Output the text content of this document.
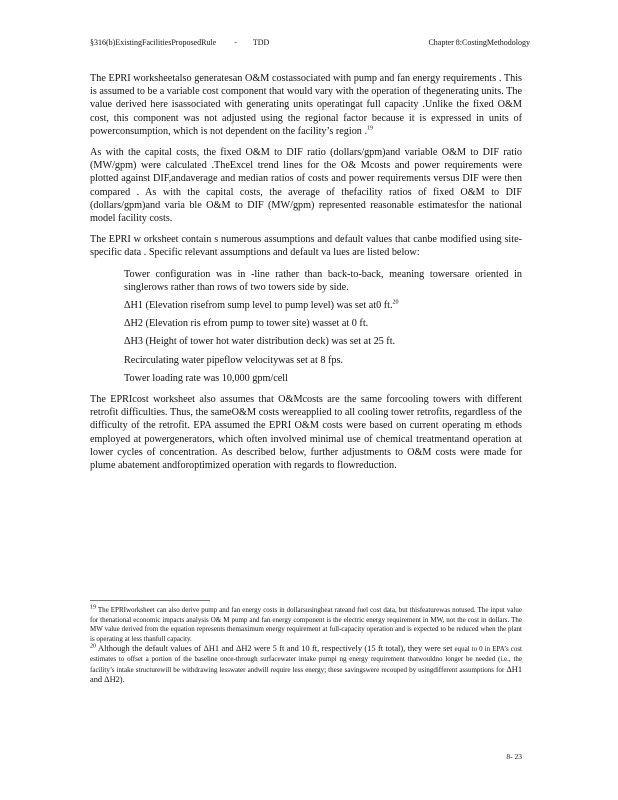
§316(b)ExistingFacilitiesProposedRule - TDD	Chapter 8:CostingMethodology

The EPRI worksheetalso generatesan O&M costassociated with pump and fan energy requirements . This is assumed to be a variable cost component that would vary with the operation of thegenerating units. The value derived here isassociated with generating units operatingat full capacity .Unlike the fixed O&M cost, this component was not adjusted using the regional factor because it is expressed in units of powerconsumption, which is not dependent on the facility’s region .$^{19}$

As with the capital costs, the fixed O&M to DIF ratio (dollars/gpm)and variable O&M to DIF ratio (MW/gpm) were calculated .TheExcel trend lines for the O& Mcosts and power requirements were plotted against DIF,andaverage and median ratios of costs and power requirements versus DIF were then compared . As with the capital costs, the average of thefacility ratios of fixed O&M to DIF (dollars/gpm)and varia ble O&M to DIF (MW/gpm) represented reasonable estimatesfor the national model facility costs.

The EPRI w orksheet contain s numerous assumptions and default values that canbe modified using site-specific data . Specific relevant assumptions and default va lues are listed below:

Tower configuration was in -line rather than back-to-back, meaning towersare oriented in singlerows rather than rows of two towers side by side.
ΔH1 (Elevation risefrom sump level to pump level) was set at0 ft.$^{20}$
ΔH2 (Elevation ris efrom pump to tower site) wasset at 0 ft.
ΔH3 (Height of tower hot water distribution deck) was set at 25 ft.
Recirculating water pipeflow velocitywas set at 8 fps.
Tower loading rate was 10,000 gpm/cell

The EPRIcost worksheet also assumes that O&Mcosts are the same forcooling towers with different retrofit difficulties. Thus, the sameO&M costs wereapplied to all cooling tower retrofits, regardless of the difficulty of the retrofit. EPA assumed the EPRI O&M costs were based on current operating m ethods employed at powergenerators, which often involved minimal use of chemical treatmentand operation at lower cycles of concentration. As described below, further adjustments to O&M costs were made for plume abatement andforoptimized operation with regards to flowreduction.

$^{19}$ The EPRIworksheet can also derive pump and fan energy costs in dollarsusingheat rateand fuel cost data, but thisfeaturewas notused. The input value for thenational economic impacts analysis O& M pump and fan energy component is the electric energy requirement in MW, not the cost in dollars. The MW value derived from the equation represents themaximum energy requirement at full-capacity operation and is expected to be reduced when the plant is operating at less thanfull capacity.

$^{20}$ Although the default values of ΔH1 and ΔH2 were 5 ft and 10 ft, respectively (15 ft total), they were set equal to 0 in EPA’s cost estimates to offset a portion of the baseline once-through surfacewater intake pumpi ng energy requirement thatwouldno longer be needed (i.e., the facility’s intake structurewill be withdrawing lesswater andwill require less energy; these savingswere recouped by usingdifferent assumptions for ΔH1 and ΔH2).

8- 23
